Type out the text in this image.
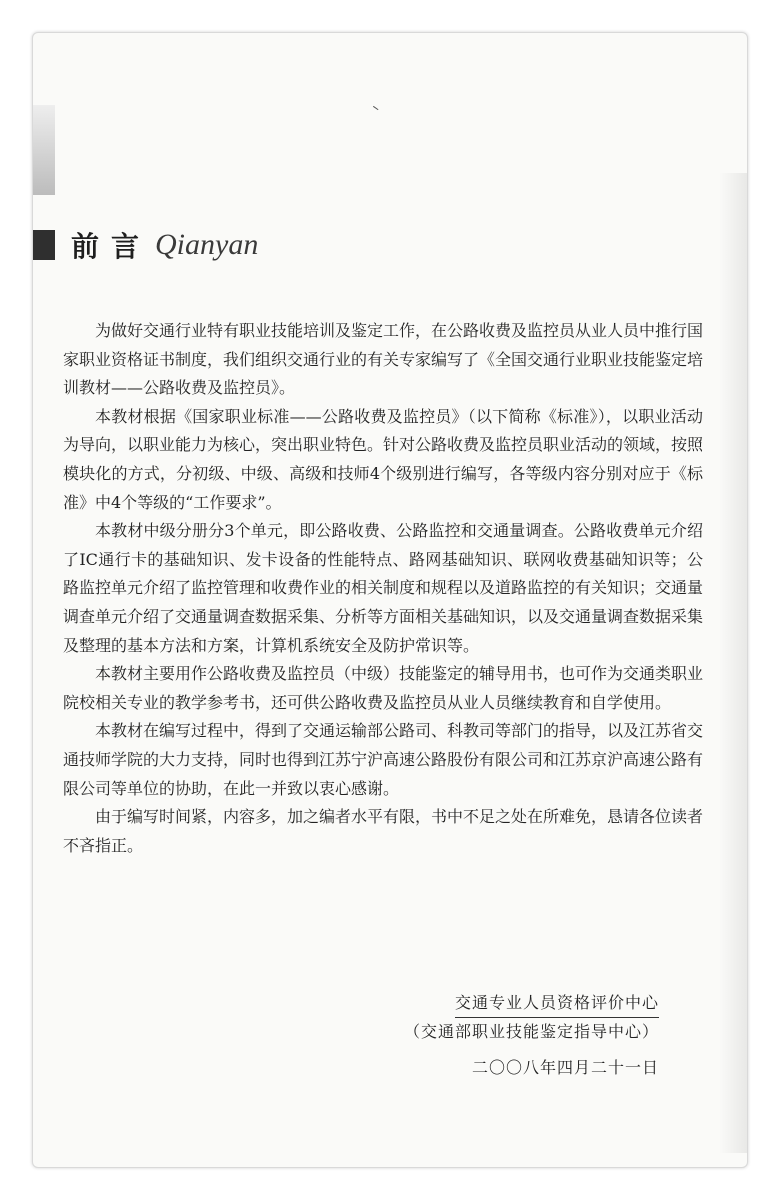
前言 Qianyan

为做好交通行业特有职业技能培训及鉴定工作，在公路收费及监控员从业人员中推行国家职业资格证书制度，我们组织交通行业的有关专家编写了《全国交通行业职业技能鉴定培训教材——公路收费及监控员》。

本教材根据《国家职业标准——公路收费及监控员》（以下简称《标准》），以职业活动为导向，以职业能力为核心，突出职业特色。针对公路收费及监控员职业活动的领域，按照模块化的方式，分初级、中级、高级和技师4个级别进行编写，各等级内容分别对应于《标准》中4个等级的“工作要求”。

本教材中级分册分3个单元，即公路收费、公路监控和交通量调查。公路收费单元介绍了IC通行卡的基础知识、发卡设备的性能特点、路网基础知识、联网收费基础知识等；公路监控单元介绍了监控管理和收费作业的相关制度和规程以及道路监控的有关知识；交通量调查单元介绍了交通量调查数据采集、分析等方面相关基础知识，以及交通量调查数据采集及整理的基本方法和方案，计算机系统安全及防护常识等。

本教材主要用作公路收费及监控员（中级）技能鉴定的辅导用书，也可作为交通类职业院校相关专业的教学参考书，还可供公路收费及监控员从业人员继续教育和自学使用。

本教材在编写过程中，得到了交通运输部公路司、科教司等部门的指导，以及江苏省交通技师学院的大力支持，同时也得到江苏宁沪高速公路股份有限公司和江苏京沪高速公路有限公司等单位的协助，在此一并致以衷心感谢。

由于编写时间紧，内容多，加之编者水平有限，书中不足之处在所难免，恳请各位读者不吝指正。

交通专业人员资格评价中心
（交通部职业技能鉴定指导中心）
二〇〇八年四月二十一日
